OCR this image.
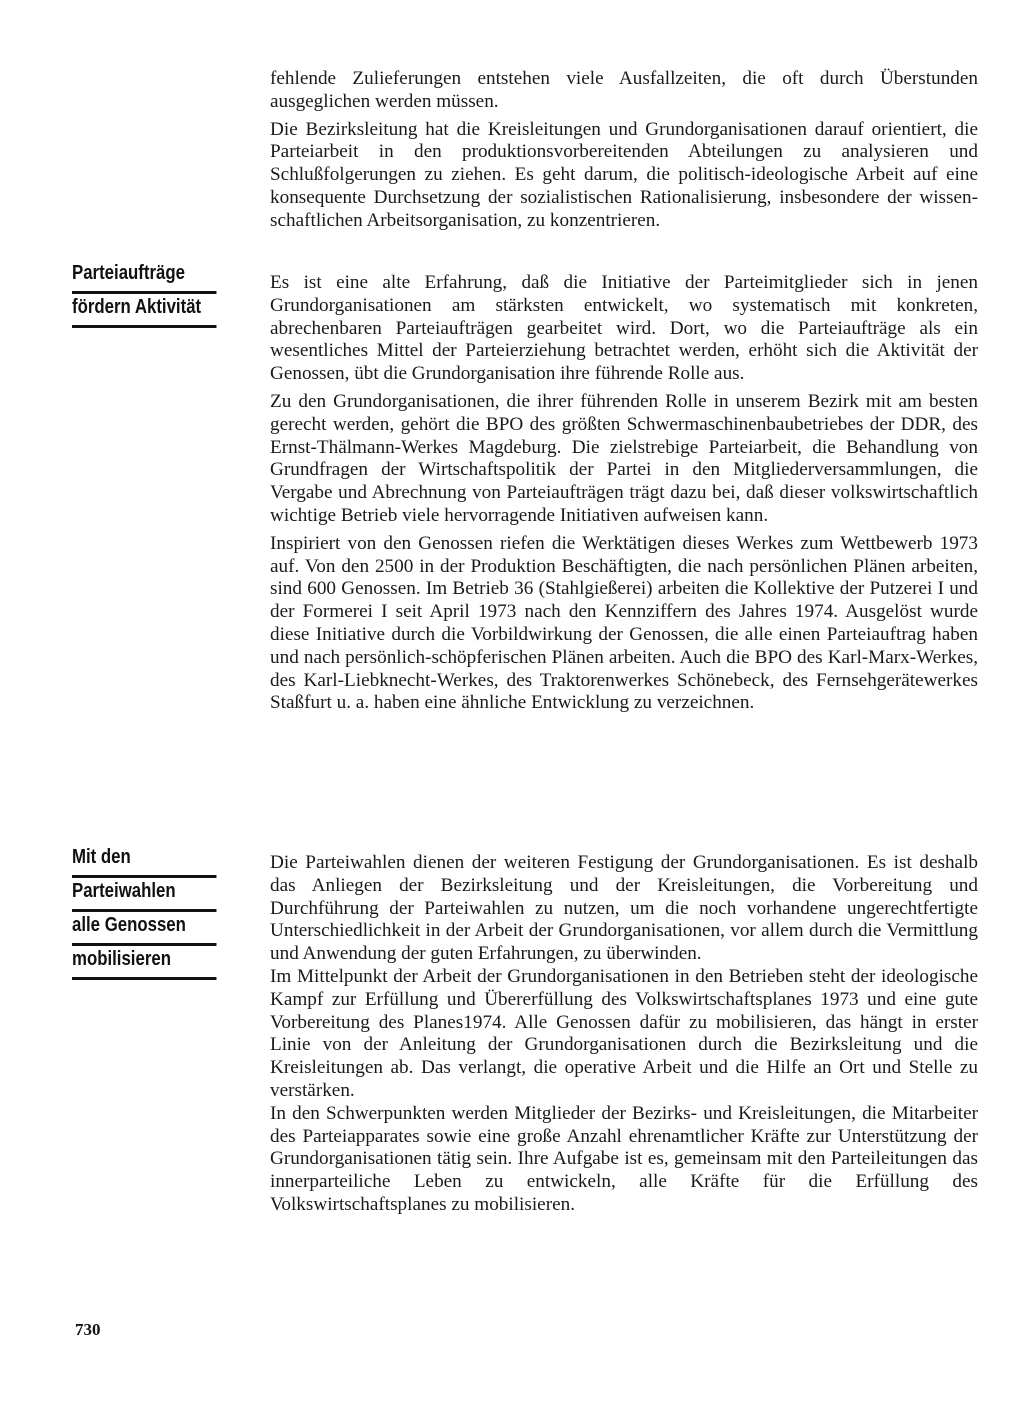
Parteiaufträge
fördern Aktivität
Mit den
Parteiwahlen
alle Genossen
mobilisieren

fehlende Zulieferungen entstehen viele Ausfallzeiten, die oft durch Überstunden ausgeglichen werden müssen.

Die Bezirksleitung hat die Kreisleitungen und Grundorganisationen darauf orientiert, die Parteiarbeit in den produktionsvorbereitenden Abteilungen zu analysieren und Schlußfolgerungen zu ziehen. Es geht darum, die politisch-ideologische Arbeit auf eine konsequente Durchsetzung der sozialistischen Rationalisierung, insbesondere der wissenschaftlichen Arbeitsorganisation, zu konzentrieren.

Es ist eine alte Erfahrung, daß die Initiative der Parteimitglieder sich in jenen Grundorganisationen am stärksten entwickelt, wo systematisch mit konkreten, abrechenbaren Parteiaufträgen gearbeitet wird. Dort, wo die Parteiaufträge als ein wesentliches Mittel der Parteierziehung betrachtet werden, erhöht sich die Aktivität der Genossen, übt die Grundorganisation ihre führende Rolle aus.

Zu den Grundorganisationen, die ihrer führenden Rolle in unserem Bezirk mit am besten gerecht werden, gehört die BPO des größten Schwermaschinenbaubetriebes der DDR, des Ernst-Thälmann-Werkes Magdeburg. Die zielstrebige Parteiarbeit, die Behandlung von Grundfragen der Wirtschaftspolitik der Partei in den Mitgliederversammlungen, die Vergabe und Abrechnung von Parteiaufträgen trägt dazu bei, daß dieser volkswirtschaftlich wichtige Betrieb viele hervorragende Initiativen aufweisen kann.

Inspiriert von den Genossen riefen die Werktätigen dieses Werkes zum Wettbewerb 1973 auf. Von den 2500 in der Produktion Beschäftigten, die nach persönlichen Plänen arbeiten, sind 600 Genossen. Im Betrieb 36 (Stahlgießerei) arbeiten die Kollektive der Putzerei I und der Formerei I seit April 1973 nach den Kennziffern des Jahres 1974. Ausgelöst wurde diese Initiative durch die Vorbildwirkung der Genossen, die alle einen Parteiauftrag haben und nach persönlich-schöpferischen Plänen arbeiten. Auch die BPO des Karl-Marx-Werkes, des Karl-Liebknecht-Werkes, des Traktorenwerkes Schönebeck, des Fernsehgerätewerkes Staßfurt u. a. haben eine ähnliche Entwicklung zu verzeichnen.

Die Parteiwahlen dienen der weiteren Festigung der Grundorganisationen. Es ist deshalb das Anliegen der Bezirksleitung und der Kreisleitungen, die Vorbereitung und Durchführung der Parteiwahlen zu nutzen, um die noch vorhandene ungerechtfertigte Unterschiedlichkeit in der Arbeit der Grundorganisationen, vor allem durch die Vermittlung und Anwendung der guten Erfahrungen, zu überwinden.

Im Mittelpunkt der Arbeit der Grundorganisationen in den Betrieben steht der ideologische Kampf zur Erfüllung und Übererfüllung des Volkswirtschaftsplanes 1973 und eine gute Vorbereitung des Planes1974. Alle Genossen dafür zu mobilisieren, das hängt in erster Linie von der Anleitung der Grundorganisationen durch die Bezirksleitung und die Kreisleitungen ab. Das verlangt, die operative Arbeit und die Hilfe an Ort und Stelle zu verstärken.

In den Schwerpunkten werden Mitglieder der Bezirks- und Kreisleitungen, die Mitarbeiter des Parteiapparates sowie eine große Anzahl ehrenamtlicher Kräfte zur Unterstützung der Grundorganisationen tätig sein. Ihre Aufgabe ist es, gemeinsam mit den Parteileitungen das innerparteiliche Leben zu entwickeln, alle Kräfte für die Erfüllung des Volkswirtschaftsplanes zu mobilisieren.

730
